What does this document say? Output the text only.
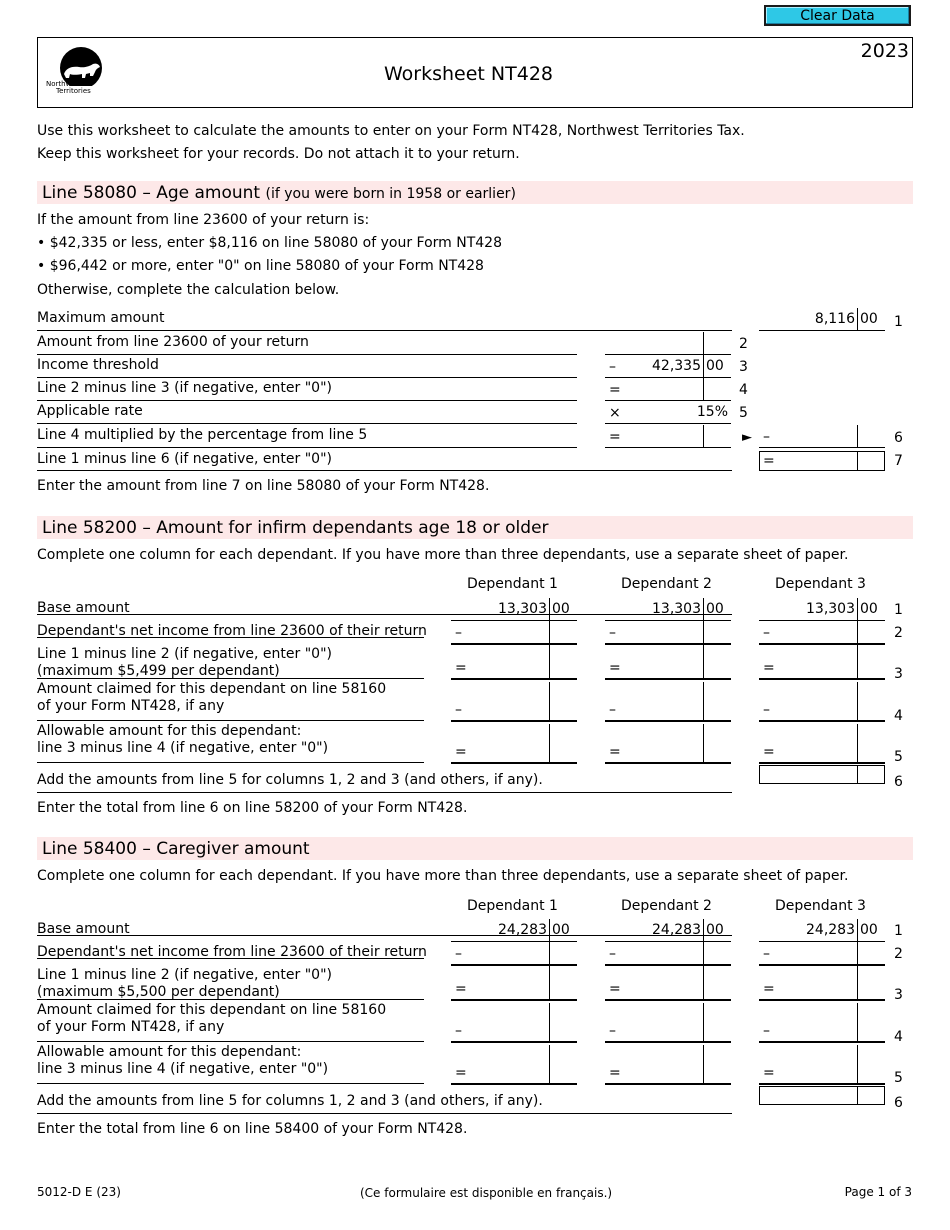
Clear Data
Northwest
Territories
Worksheet NT428
2023
Use this worksheet to calculate the amounts to enter on your Form NT428, Northwest Territories Tax.
Keep this worksheet for your records. Do not attach it to your return.
Line 58080 – Age amount (if you were born in 1958 or earlier)
If the amount from line 23600 of your return is:
• $42,335 or less, enter $8,116 on line 58080 of your Form NT428
• $96,442 or more, enter "0" on line 58080 of your Form NT428
Otherwise, complete the calculation below.
Maximum amount	8,116 00 1
Amount from line 23600 of your return	2
Income threshold	–	42,335 00 3
Line 2 minus line 3 (if negative, enter "0")	=	4
Applicable rate	×	15% 5
Line 4 multiplied by the percentage from line 5	=	► –	6
Line 1 minus line 6 (if negative, enter "0")	=	7
Enter the amount from line 7 on line 58080 of your Form NT428.
Line 58200 – Amount for infirm dependants age 18 or older
Complete one column for each dependant. If you have more than three dependants, use a separate sheet of paper.
Dependant 1	Dependant 2	Dependant 3
Base amount	13,303 00	13,303 00	13,303 00 1
Dependant's net income from line 23600 of their return –	–	–	2
Line 1 minus line 2 (if negative, enter "0")
(maximum $5,499 per dependant)	=	=	=	3
Amount claimed for this dependant on line 58160
of your Form NT428, if any	–	–	–	4
Allowable amount for this dependant:
line 3 minus line 4 (if negative, enter "0")	=	=	=	5
Add the amounts from line 5 for columns 1, 2 and 3 (and others, if any).	6
Enter the total from line 6 on line 58200 of your Form NT428.
Line 58400 – Caregiver amount
Complete one column for each dependant. If you have more than three dependants, use a separate sheet of paper.
Dependant 1	Dependant 2	Dependant 3
Base amount	24,283 00	24,283 00	24,283 00 1
Dependant's net income from line 23600 of their return –	–	–	2
Line 1 minus line 2 (if negative, enter "0")
(maximum $5,500 per dependant)	=	=	=	3
Amount claimed for this dependant on line 58160
of your Form NT428, if any	–	–	–	4
Allowable amount for this dependant:
line 3 minus line 4 (if negative, enter "0")	=	=	=	5
Add the amounts from line 5 for columns 1, 2 and 3 (and others, if any).	6
Enter the total from line 6 on line 58400 of your Form NT428.
5012-D E (23)	(Ce formulaire est disponible en français.)	Page 1 of 3
